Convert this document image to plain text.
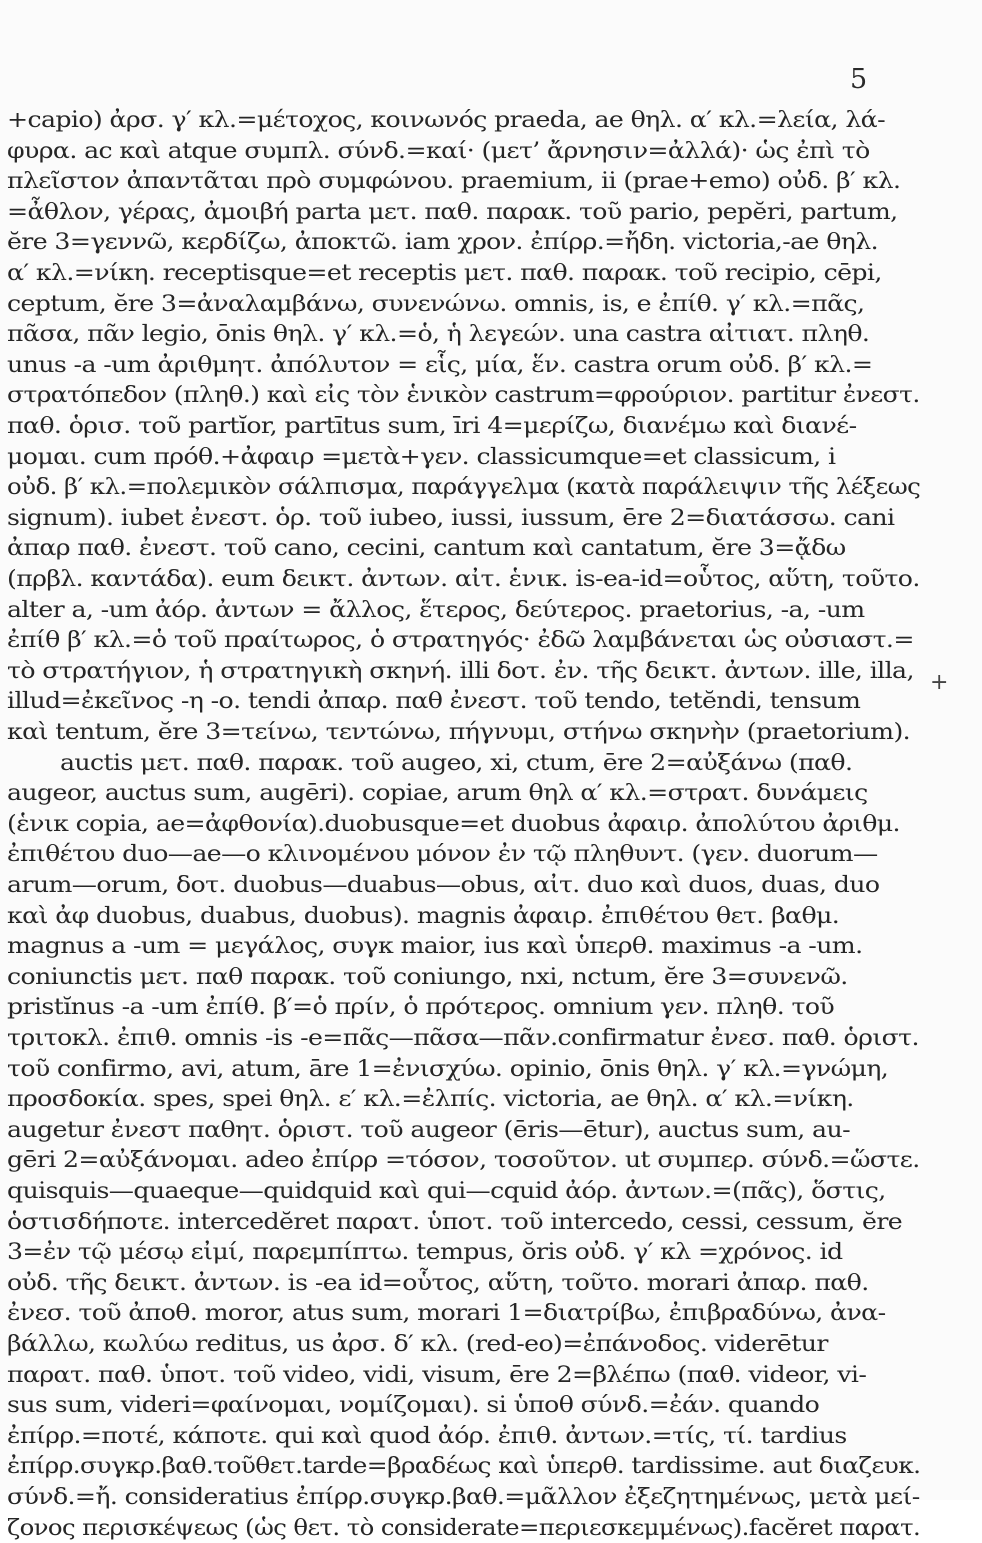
5
+capio) ἀρσ. γ′ κλ.=μέτοχος, κοινωνός praeda, ae θηλ. α′ κλ.=λεία, λά-
φυρα. ac καὶ atque συμπλ. σύνδ.=καί· (μετ’ ἄρνησιν=ἀλλά)· ὡς ἐπὶ τὸ
πλεῖστον ἀπαντᾶται πρὸ συμφώνου. praemium, ii (prae+emo) οὐδ. β′ κλ.
=ἆθλον, γέρας, ἀμοιβή parta μετ. παθ. παρακ. τοῦ pario, pepĕri, partum,
ĕre 3=γεννῶ, κερδίζω, ἀποκτῶ. iam χρον. ἐπίρρ.=ἤδη. victoria,-ae θηλ.
α′ κλ.=νίκη. receptisque=et receptis μετ. παθ. παρακ. τοῦ recipio, cēpi,
ceptum, ĕre 3=ἀναλαμβάνω, συνενώνω. omnis, is, e ἐπίθ. γ′ κλ.=πᾶς,
πᾶσα, πᾶν legio, ōnis θηλ. γ′ κλ.=ὁ, ἡ λεγεών. una castra αἰτιατ. πληθ.
unus -a -um ἀριθμητ. ἀπόλυτον = εἷς, μία, ἕν. castra orum οὐδ. β′ κλ.=
στρατόπεδον (πληθ.) καὶ εἰς τὸν ἑνικὸν castrum=φρούριον. partitur ἐνεστ.
παθ. ὁρισ. τοῦ partĭor, partītus sum, īri 4=μερίζω, διανέμω καὶ διανέ-
μομαι. cum πρόθ.+ἀφαιρ =μετὰ+γεν. classicumque=et classicum, i
οὐδ. β′ κλ.=πολεμικὸν σάλπισμα, παράγγελμα (κατὰ παράλειψιν τῆς λέξεως
signum). iubet ἐνεστ. ὁρ. τοῦ iubeo, iussi, iussum, ēre 2=διατάσσω. cani
ἀπαρ παθ. ἐνεστ. τοῦ cano, cecini, cantum καὶ cantatum, ĕre 3=ᾄδω
(πρβλ. καντάδα). eum δεικτ. ἀντων. αἰτ. ἑνικ. is-ea-id=οὗτος, αὕτη, τοῦτο.
alter a, -um ἀόρ. ἀντων = ἄλλος, ἕτερος, δεύτερος. praetorius, -a, -um
ἐπίθ β′ κλ.=ὁ τοῦ πραίτωρος, ὁ στρατηγός· ἐδῶ λαμβάνεται ὡς οὐσιαστ.=
τὸ στρατήγιον, ἡ στρατηγικὴ σκηνή. illi δοτ. ἐν. τῆς δεικτ. ἀντων. ille, illa,
illud=ἐκεῖνος -η -ο. tendi ἀπαρ. παθ ἐνεστ. τοῦ tendo, tetĕndi, tensum
καὶ tentum, ĕre 3=τείνω, τεντώνω, πήγνυμι, στήνω σκηνὴν (praetorium).
auctis μετ. παθ. παρακ. τοῦ augeo, xi, ctum, ēre 2=αὐξάνω (παθ.
augeor, auctus sum, augēri). copiae, arum θηλ α′ κλ.=στρατ. δυνάμεις
(ἑνικ copia, ae=ἀφθονία).duobusque=et duobus ἀφαιρ. ἀπολύτου ἀριθμ.
ἐπιθέτου duo—ae—o κλινομένου μόνον ἐν τῷ πληθυντ. (γεν. duorum—
arum—orum, δοτ. duobus—duabus—obus, αἰτ. duo καὶ duos, duas, duo
καὶ ἀφ duobus, duabus, duobus). magnis ἀφαιρ. ἐπιθέτου θετ. βαθμ.
magnus a -um = μεγάλος, συγκ maior, ius καὶ ὑπερθ. maximus -a -um.
coniunctis μετ. παθ παρακ. τοῦ coniungo, nxi, nctum, ĕre 3=συνενῶ.
pristĭnus -a -um ἐπίθ. β′=ὁ πρίν, ὁ πρότερος. omnium γεν. πληθ. τοῦ
τριτοκλ. ἐπιθ. omnis -is -e=πᾶς—πᾶσα—πᾶν.confirmatur ἐνεσ. παθ. ὁριστ.
τοῦ confirmo, avi, atum, āre 1=ἐνισχύω. opinio, ōnis θηλ. γ′ κλ.=γνώμη,
προσδοκία. spes, spei θηλ. ε′ κλ.=ἐλπίς. victoria, ae θηλ. α′ κλ.=νίκη.
augetur ἐνεστ παθητ. ὁριστ. τοῦ augeor (ēris—ētur), auctus sum, au-
gēri 2=αὐξάνομαι. adeo ἐπίρρ =τόσον, τοσοῦτον. ut συμπερ. σύνδ.=ὥστε.
quisquis—quaeque—quidquid καὶ qui—cquid ἀόρ. ἀντων.=(πᾶς), ὅστις,
ὁστισδήποτε. intercedĕret παρατ. ὑποτ. τοῦ intercedo, cessi, cessum, ĕre
3=ἐν τῷ μέσῳ εἰμί, παρεμπίπτω. tempus, ŏris οὐδ. γ′ κλ =χρόνος. id
οὐδ. τῆς δεικτ. ἀντων. is -ea id=οὗτος, αὕτη, τοῦτο. morari ἀπαρ. παθ.
ἐνεσ. τοῦ ἀποθ. moror, atus sum, morari 1=διατρίβω, ἐπιβραδύνω, ἀνα-
βάλλω, κωλύω reditus, us ἀρσ. δ′ κλ. (red-eo)=ἐπάνοδος. viderētur
παρατ. παθ. ὑποτ. τοῦ video, vidi, visum, ēre 2=βλέπω (παθ. videor, vi-
sus sum, videri=φαίνομαι, νομίζομαι). si ὑποθ σύνδ.=ἐάν. quando
ἐπίρρ.=ποτέ, κάποτε. qui καὶ quod ἀόρ. ἐπιθ. ἀντων.=τίς, τί. tardius
ἐπίρρ.συγκρ.βαθ.τοῦθετ.tarde=βραδέως καὶ ὑπερθ. tardissime. aut διαζευκ.
σύνδ.=ἤ. consideratius ἐπίρρ.συγκρ.βαθ.=μᾶλλον ἐξεζητημένως, μετὰ μεί-
ζονος περισκέψεως (ὡς θετ. τὸ considerate=περιεσκεμμένως).facĕret παρατ.
+
